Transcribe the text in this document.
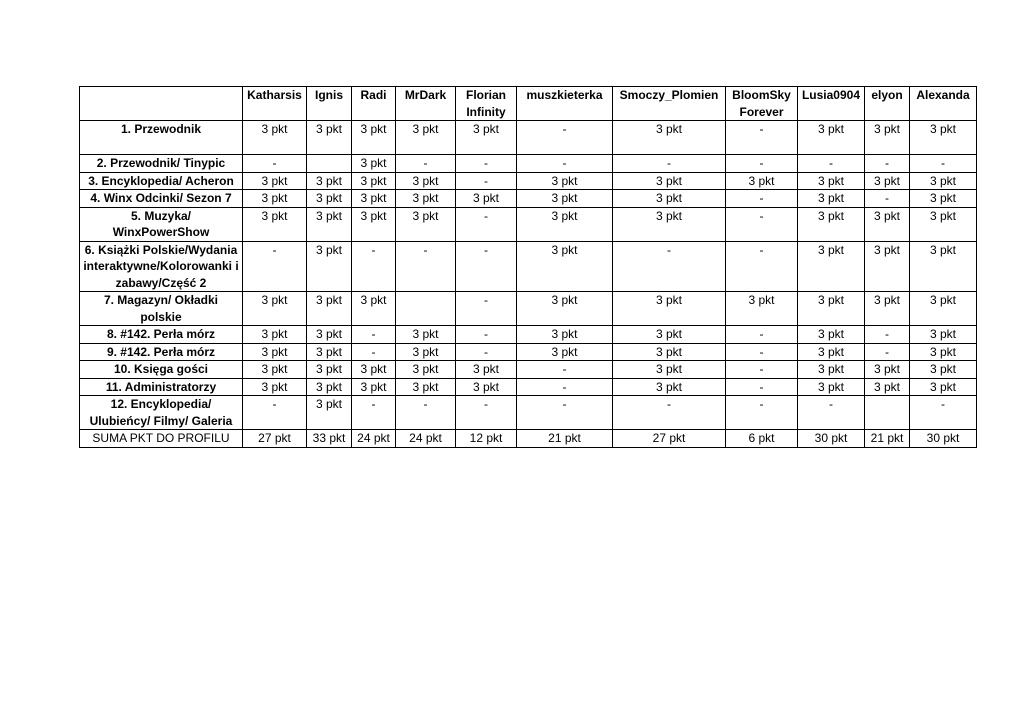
	Katharsis	Ignis	Radi	MrDark	Florian Infinity	muszkieterka	Smoczy_Plomien	BloomSky Forever	Lusia0904	elyon	Alexanda
1. Przewodnik	3 pkt	3 pkt	3 pkt	3 pkt	3 pkt	-	3 pkt	-	3 pkt	3 pkt	3 pkt
2. Przewodnik/ Tinypic	-		3 pkt	-	-	-	-	-	-	-	-
3. Encyklopedia/ Acheron	3 pkt	3 pkt	3 pkt	3 pkt	-	3 pkt	3 pkt	3 pkt	3 pkt	3 pkt	3 pkt
4. Winx Odcinki/ Sezon 7	3 pkt	3 pkt	3 pkt	3 pkt	3 pkt	3 pkt	3 pkt	-	3 pkt	-	3 pkt
5. Muzyka/ WinxPowerShow	3 pkt	3 pkt	3 pkt	3 pkt	-	3 pkt	3 pkt	-	3 pkt	3 pkt	3 pkt
6. Książki Polskie/Wydania interaktywne/Kolorowanki i zabawy/Część 2	-	3 pkt	-	-	-	3 pkt	-	-	3 pkt	3 pkt	3 pkt
7. Magazyn/ Okładki polskie	3 pkt	3 pkt	3 pkt		-	3 pkt	3 pkt	3 pkt	3 pkt	3 pkt	3 pkt
8. #142. Perła mórz	3 pkt	3 pkt	-	3 pkt	-	3 pkt	3 pkt	-	3 pkt	-	3 pkt
9. #142. Perła mórz	3 pkt	3 pkt	-	3 pkt	-	3 pkt	3 pkt	-	3 pkt	-	3 pkt
10. Księga gości	3 pkt	3 pkt	3 pkt	3 pkt	3 pkt	-	3 pkt	-	3 pkt	3 pkt	3 pkt
11. Administratorzy	3 pkt	3 pkt	3 pkt	3 pkt	3 pkt	-	3 pkt	-	3 pkt	3 pkt	3 pkt
12. Encyklopedia/ Ulubieńcy/ Filmy/ Galeria	-	3 pkt	-	-	-	-	-	-	-		-
SUMA PKT DO PROFILU	27 pkt	33 pkt	24 pkt	24 pkt	12 pkt	21 pkt	27 pkt	6 pkt	30 pkt	21 pkt	30 pkt
